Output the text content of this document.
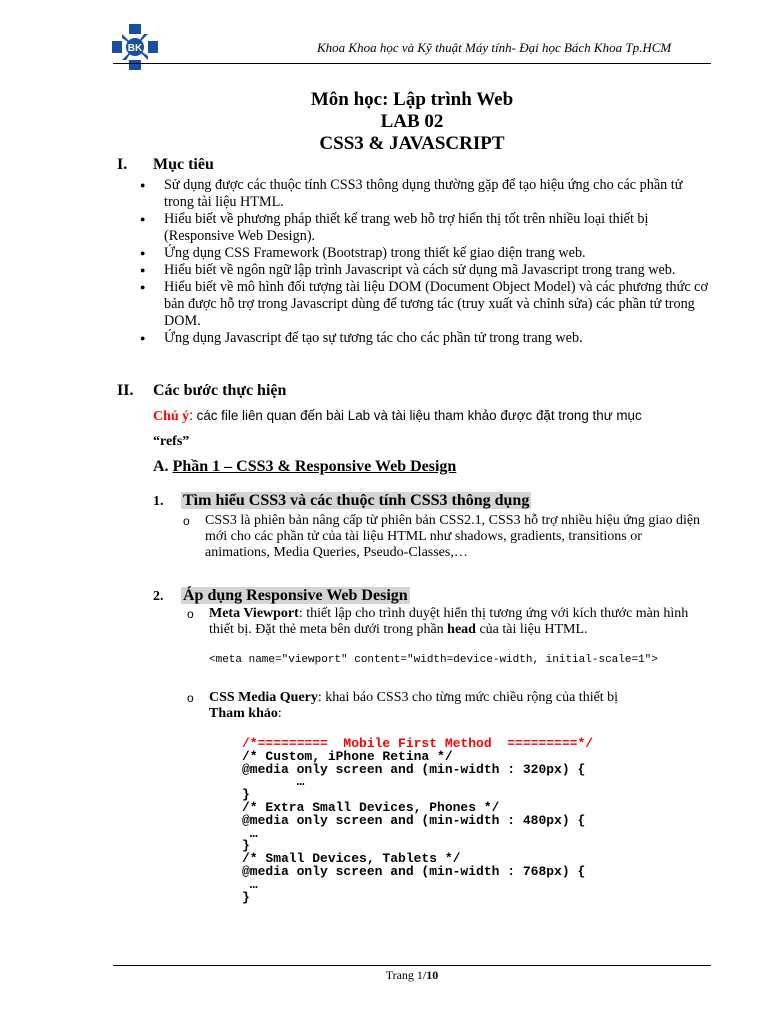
BK	Khoa Khoa học và Kỹ thuật Máy tính- Đại học Bách Khoa Tp.HCM
Môn học: Lập trình Web
LAB 02
CSS3 & JAVASCRIPT
I. Mục tiêu
● Sử dụng được các thuộc tính CSS3 thông dụng thường gặp để tạo hiệu ứng cho các phần tử trong tài liệu HTML.
● Hiểu biết về phương pháp thiết kế trang web hỗ trợ hiển thị tốt trên nhiều loại thiết bị (Responsive Web Design).
● Ứng dụng CSS Framework (Bootstrap) trong thiết kế giao diện trang web.
● Hiểu biết về ngôn ngữ lập trình Javascript và cách sử dụng mã Javascript trong trang web.
● Hiểu biết về mô hình đối tượng tài liệu DOM (Document Object Model) và các phương thức cơ bản được hỗ trợ trong Javascript dùng để tương tác (truy xuất và chỉnh sửa) các phần tử trong DOM.
● Ứng dụng Javascript để tạo sự tương tác cho các phần tử trong trang web.
II. Các bước thực hiện
Chú ý: các file liên quan đến bài Lab và tài liệu tham khảo được đặt trong thư mục
“refs”
A. Phần 1 – CSS3 & Responsive Web Design
1. Tìm hiểu CSS3 và các thuộc tính CSS3 thông dụng
o CSS3 là phiên bản nâng cấp từ phiên bản CSS2.1, CSS3 hỗ trợ nhiều hiệu ứng giao diện mới cho các phần tử của tài liệu HTML như shadows, gradients, transitions or animations, Media Queries, Pseudo-Classes,…
2. Áp dụng Responsive Web Design
o Meta Viewport: thiết lập cho trình duyệt hiển thị tương ứng với kích thước màn hình thiết bị. Đặt thẻ meta bên dưới trong phần head của tài liệu HTML.
<meta name="viewport" content="width=device-width, initial-scale=1">
o CSS Media Query: khai báo CSS3 cho từng mức chiều rộng của thiết bị
Tham khảo:
/*=========  Mobile First Method  =========*/
/* Custom, iPhone Retina */
@media only screen and (min-width : 320px) {
…
}
/* Extra Small Devices, Phones */
@media only screen and (min-width : 480px) {
…
}
/* Small Devices, Tablets */
@media only screen and (min-width : 768px) {
…
}
Trang 1/10
